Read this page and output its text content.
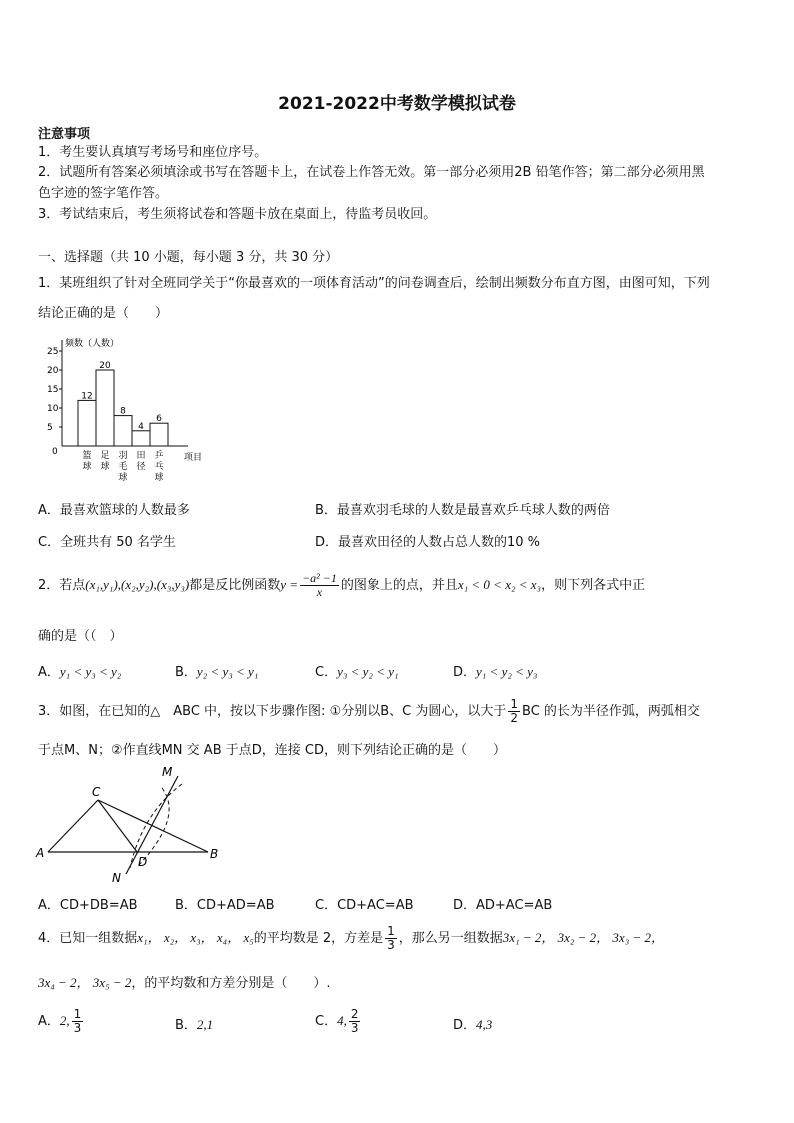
2021-2022中考数学模拟试卷
注意事项
1．考生要认真填写考场号和座位序号。
2．试题所有答案必须填涂或书写在答题卡上，在试卷上作答无效。第一部分必须用2B 铅笔作答；第二部分必须用黑
色字迹的签字笔作答。
3．考试结束后，考生须将试卷和答题卡放在桌面上，待监考员收回。
一、选择题（共 10 小题，每小题 3 分，共 30 分）
1．某班组织了针对全班同学关于“你最喜欢的一项体育活动”的问卷调查后，绘制出频数分布直方图，由图可知，下列
结论正确的是（　　）
频数（人数）
项目
25
20
15
10
5
0
12
篮
球
20
足
球
8
羽
毛
球
4
田
径
6
乒
乓
球
A．最喜欢篮球的人数最多	B．最喜欢羽毛球的人数是最喜欢乒乓球人数的两倍
C．全班共有 50 名学生	D．最喜欢田径的人数占总人数的10 %
2．若点(x₁,y₁),(x₂,y₂),(x₃,y₃)都是反比例函数$y = \frac{\text{−a² −1}}{x}$ 的图象上的点，并且x₁ < 0 < x₂ < x₃，则下列各式中正
确的是（（　）
A．y₁ < y₃ < y₂	B．y₂ < y₃ < y₁	C．y₃ < y₂ < y₁	D．y₁ < y₂ < y₃
3．如图，在已知的△　ABC 中，按以下步骤作图: ①分别以B、C 为圆心，以大于 $\frac{1}{2}$ BC 的长为半径作弧，两弧相交
于点M、N；②作直线MN 交 AB 于点D，连接 CD，则下列结论正确的是（　　）
M
C
A
D
B
N
A．CD+DB=AB	B．CD+AD=AB	C．CD+AC=AB	D．AD+AC=AB
4．已知一组数据x₁， x₂， x₃， x₄， x₅的平均数是 2，方差是 $\frac{1}{3}$ ，那么另一组数据3x₁ − 2， 3x₂ − 2， 3x₃ − 2，
3x₄ − 2， 3x₅ − 2，的平均数和方差分别是（　　）.
A．2, $\frac{1}{3}$	B．2,1	C．4, $\frac{2}{3}$	D．4,3
